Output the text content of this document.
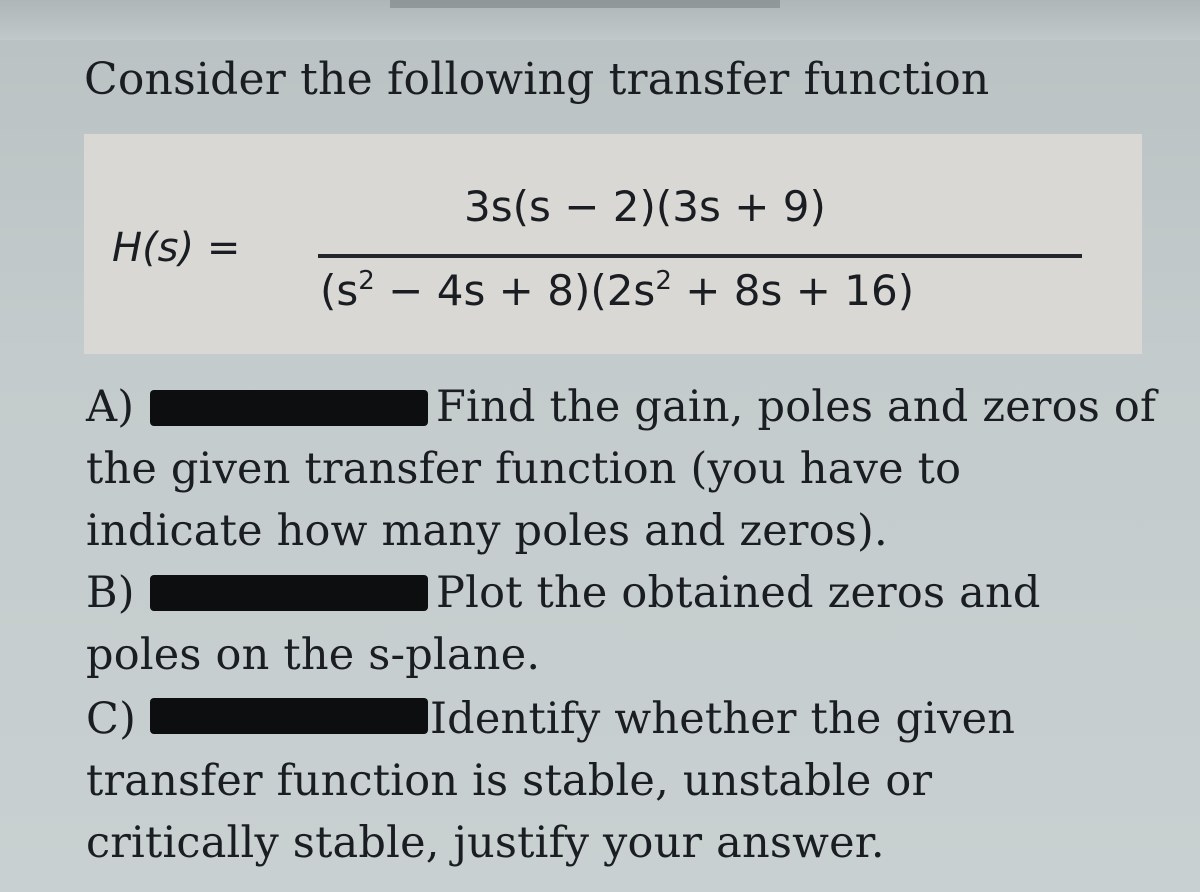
Consider the following transfer function
H(s) =
3s(s − 2)(3s + 9)
$(s^2 - 4s + 8)(2s^2 + 8s + 16)$
A)	Find the gain, poles and zeros of
the given transfer function (you have to
indicate how many poles and zeros).
B)	Plot the obtained zeros and
poles on the s-plane.
C)	Identify whether the given
transfer function is stable, unstable or
critically stable, justify your answer.
